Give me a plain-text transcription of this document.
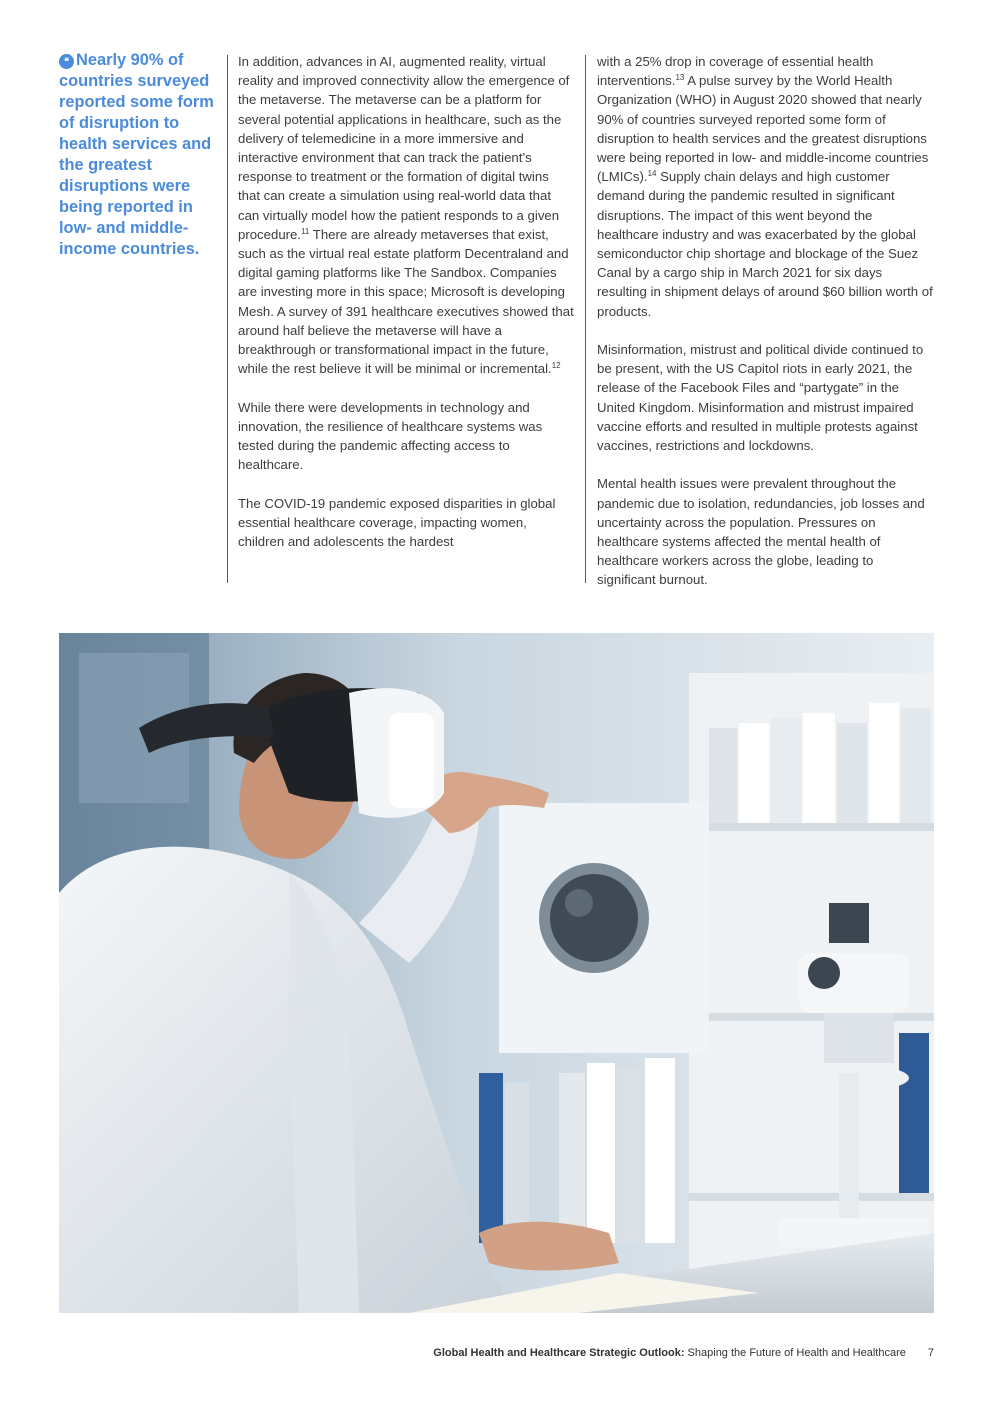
❝ Nearly 90% of countries surveyed reported some form of disruption to health services and the greatest disruptions were being reported in low- and middle-income countries.

In addition, advances in AI, augmented reality, virtual reality and improved connectivity allow the emergence of the metaverse. The metaverse can be a platform for several potential applications in healthcare, such as the delivery of telemedicine in a more immersive and interactive environment that can track the patient’s response to treatment or the formation of digital twins that can create a simulation using real-world data that can virtually model how the patient responds to a given procedure.$^{11}$ There are already metaverses that exist, such as the virtual real estate platform Decentraland and digital gaming platforms like The Sandbox. Companies are investing more in this space; Microsoft is developing Mesh. A survey of 391 healthcare executives showed that around half believe the metaverse will have a breakthrough or transformational impact in the future, while the rest believe it will be minimal or incremental.$^{12}$

While there were developments in technology and innovation, the resilience of healthcare systems was tested during the pandemic affecting access to healthcare.

The COVID-19 pandemic exposed disparities in global essential healthcare coverage, impacting women, children and adolescents the hardest

with a 25% drop in coverage of essential health interventions.$^{13}$ A pulse survey by the World Health Organization (WHO) in August 2020 showed that nearly 90% of countries surveyed reported some form of disruption to health services and the greatest disruptions were being reported in low- and middle-income countries (LMICs).$^{14}$ Supply chain delays and high customer demand during the pandemic resulted in significant disruptions. The impact of this went beyond the healthcare industry and was exacerbated by the global semiconductor chip shortage and blockage of the Suez Canal by a cargo ship in March 2021 for six days resulting in shipment delays of around $60 billion worth of products.

Misinformation, mistrust and political divide continued to be present, with the US Capitol riots in early 2021, the release of the Facebook Files and “partygate” in the United Kingdom. Misinformation and mistrust impaired vaccine efforts and resulted in multiple protests against vaccines, restrictions and lockdowns.

Mental health issues were prevalent throughout the pandemic due to isolation, redundancies, job losses and uncertainty across the population. Pressures on healthcare systems affected the mental health of healthcare workers across the globe, leading to significant burnout.

Global Health and Healthcare Strategic Outlook: Shaping the Future of Health and Healthcare 7
